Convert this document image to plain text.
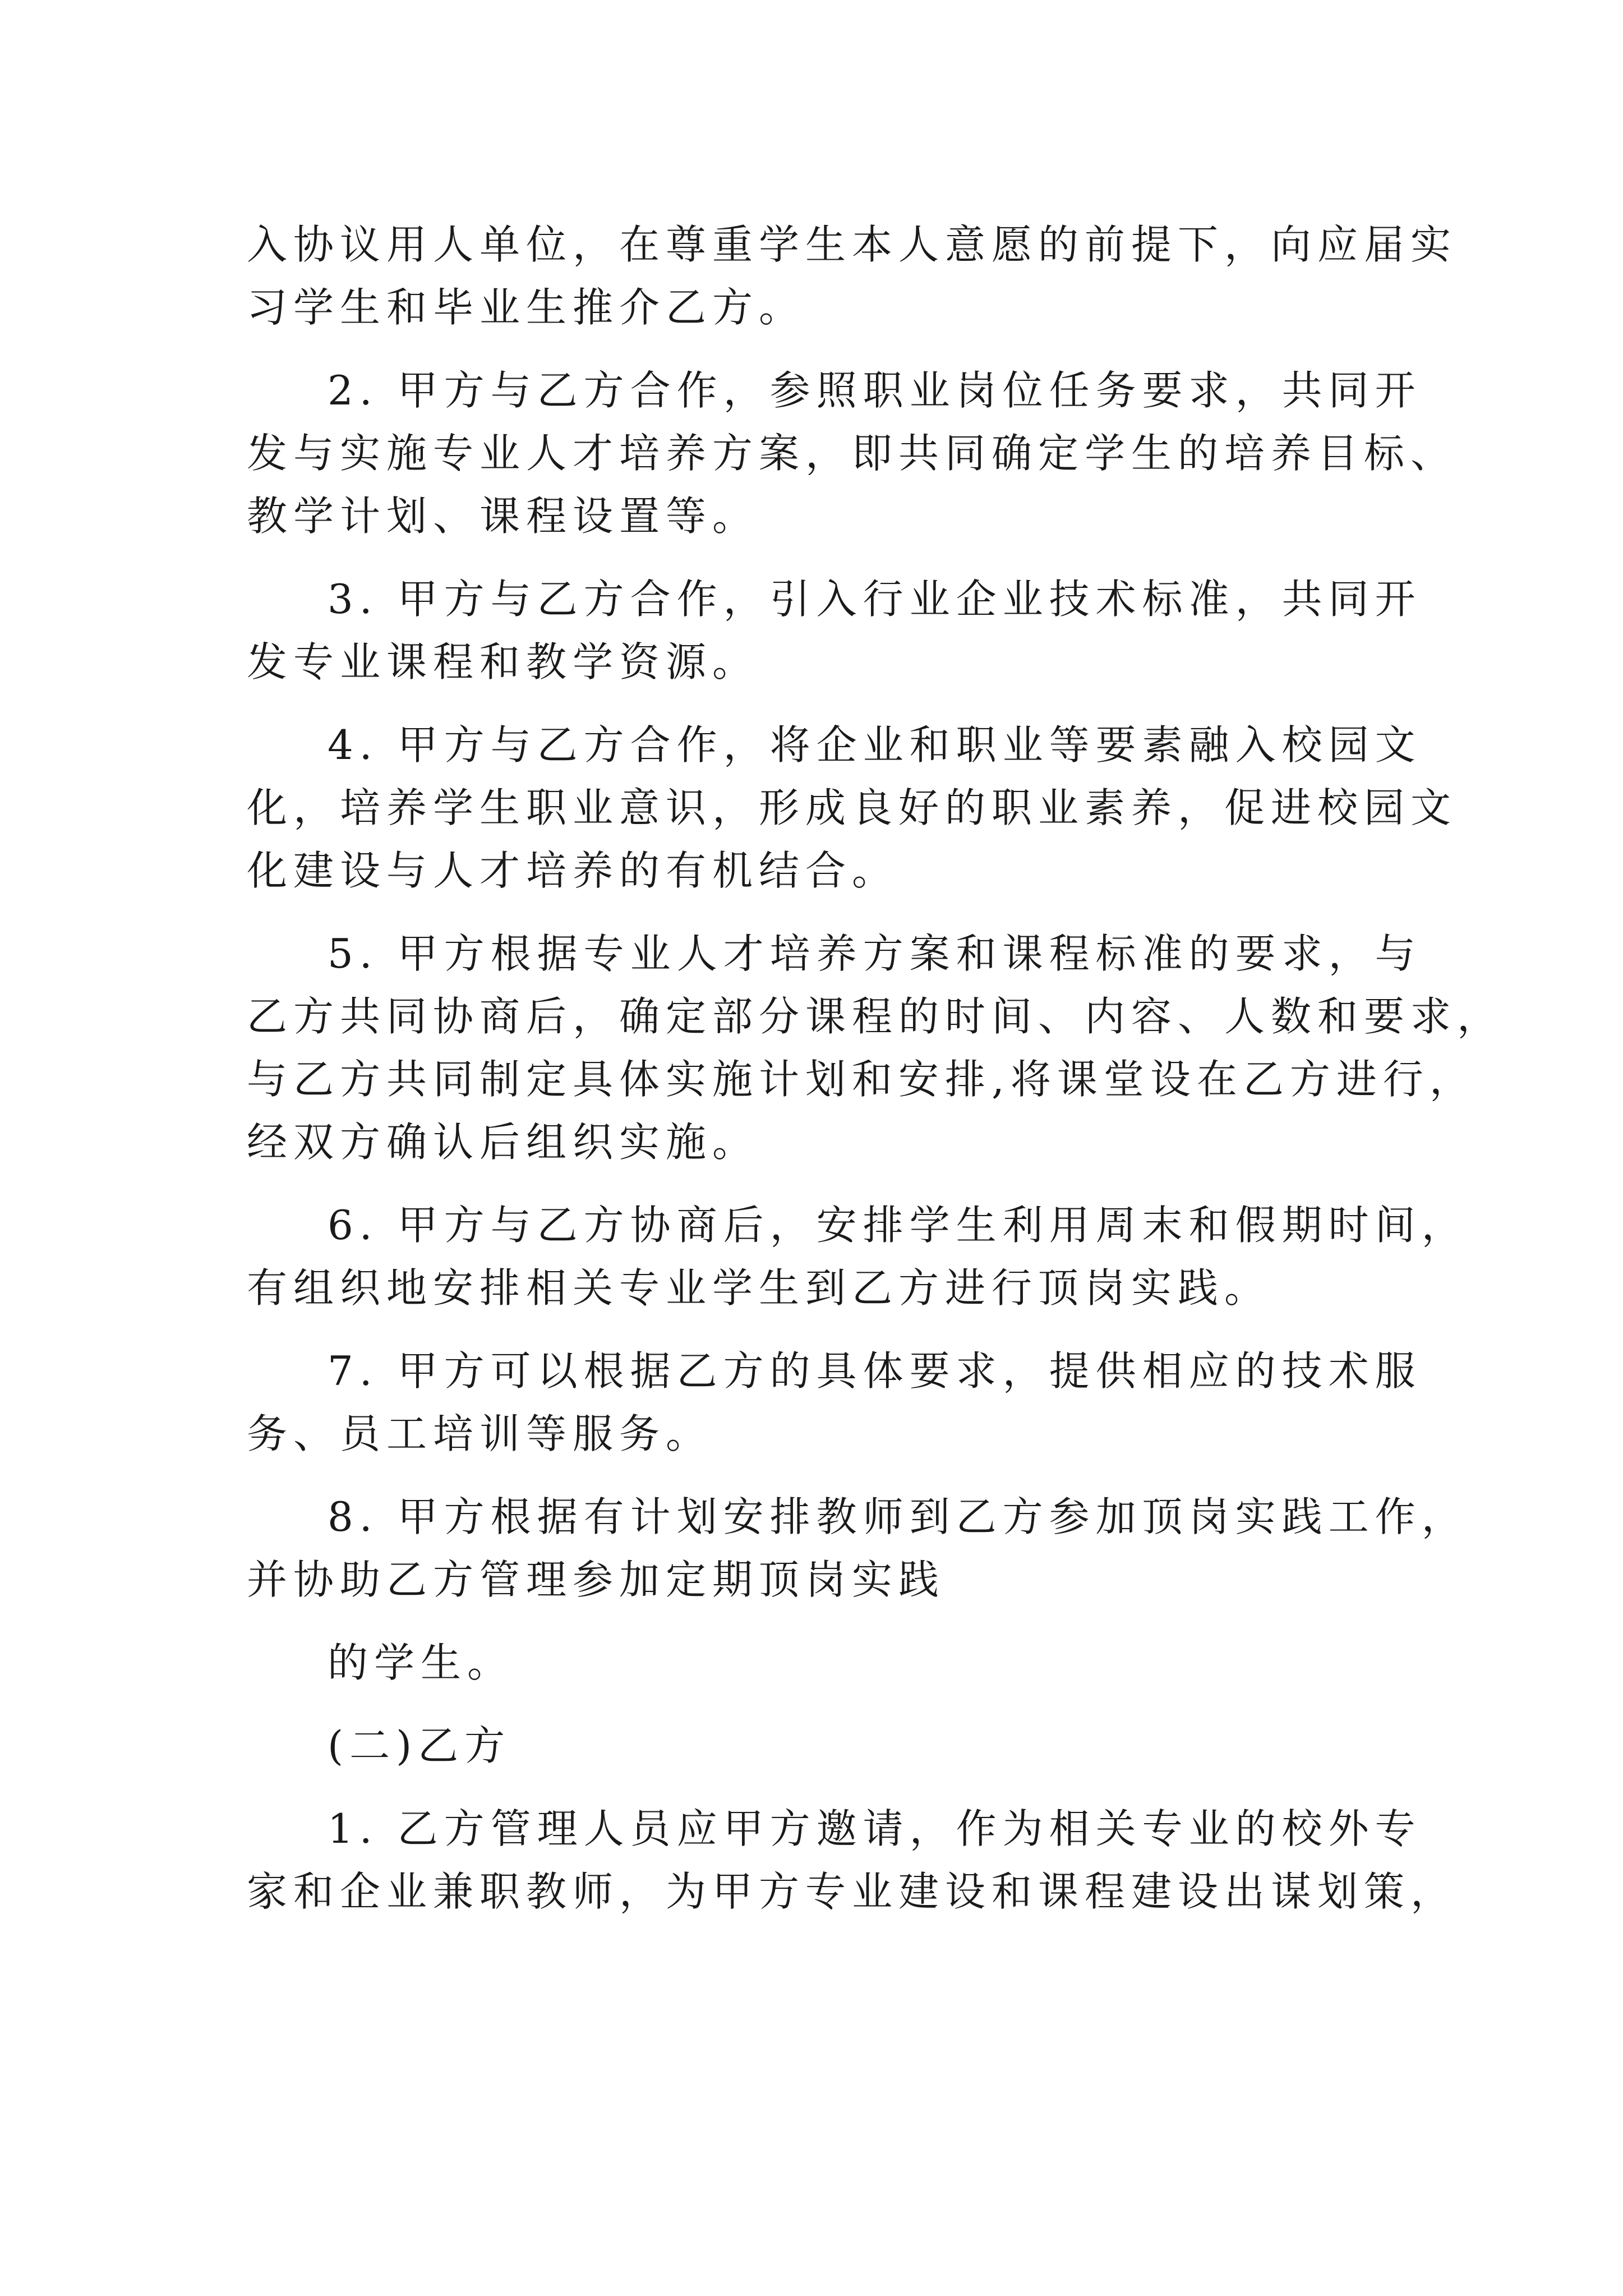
入协议用人单位，在尊重学生本人意愿的前提下，向应届实
习学生和毕业生推介乙方。
2. 甲方与乙方合作，参照职业岗位任务要求，共同开
发与实施专业人才培养方案，即共同确定学生的培养目标、
教学计划、课程设置等。
3. 甲方与乙方合作，引入行业企业技术标准，共同开
发专业课程和教学资源。
4. 甲方与乙方合作，将企业和职业等要素融入校园文
化，培养学生职业意识，形成良好的职业素养，促进校园文
化建设与人才培养的有机结合。
5. 甲方根据专业人才培养方案和课程标准的要求，与
乙方共同协商后，确定部分课程的时间、内容、人数和要求，
与乙方共同制定具体实施计划和安排,将课堂设在乙方进行，
经双方确认后组织实施。
6. 甲方与乙方协商后，安排学生利用周末和假期时间，
有组织地安排相关专业学生到乙方进行顶岗实践。
7. 甲方可以根据乙方的具体要求，提供相应的技术服
务、员工培训等服务。
8. 甲方根据有计划安排教师到乙方参加顶岗实践工作，
并协助乙方管理参加定期顶岗实践
的学生。
(二)乙方
1. 乙方管理人员应甲方邀请，作为相关专业的校外专
家和企业兼职教师，为甲方专业建设和课程建设出谋划策，
